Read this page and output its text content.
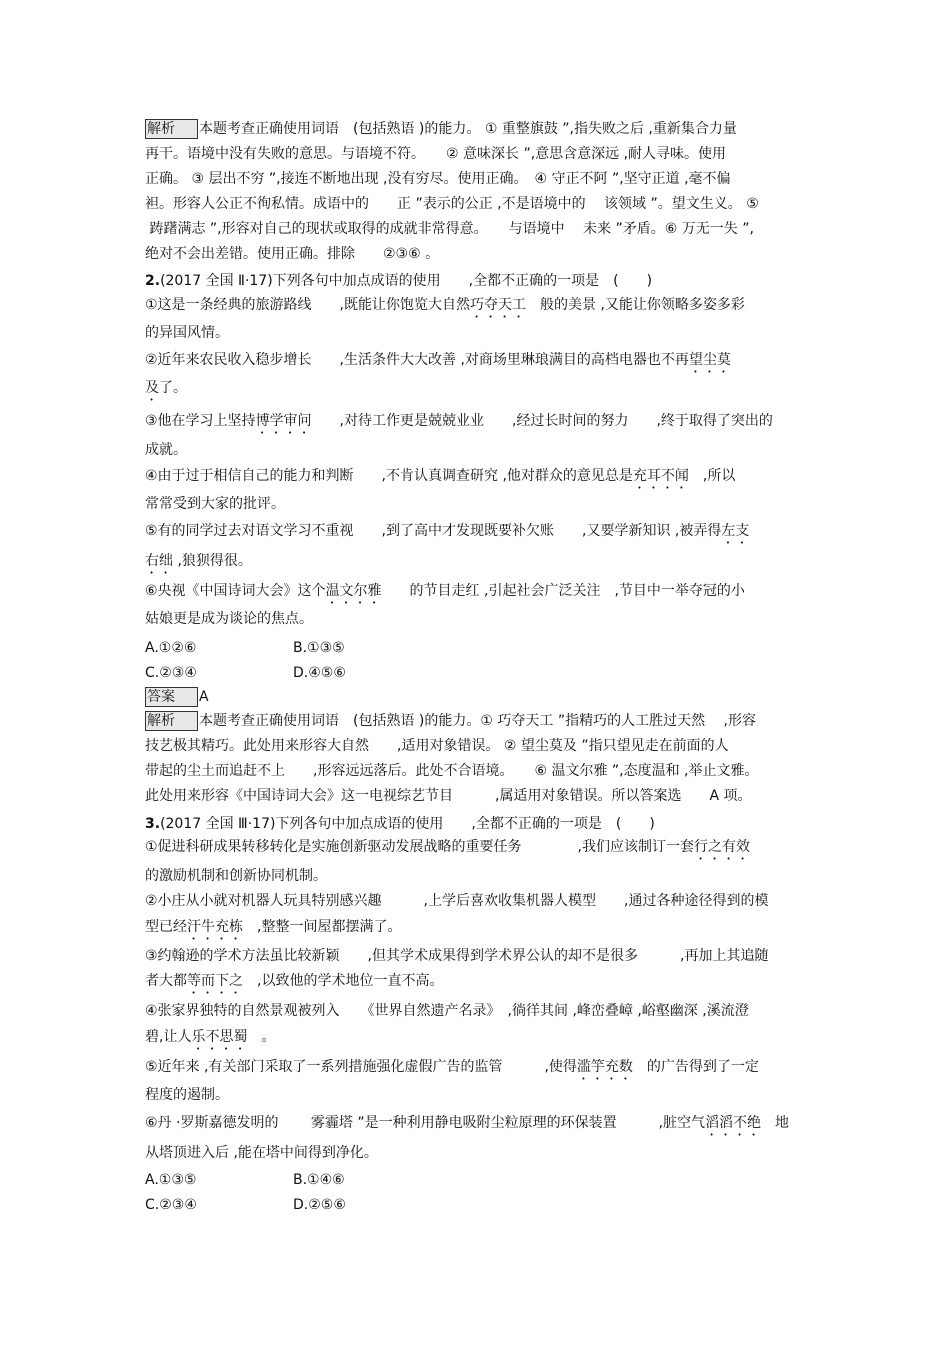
解析 本题考查正确使用词语　(包括熟语 )的能力。 ① 重整旗鼓 ”,指失败之后 ,重新集合力量
再干。语境中没有失败的意思。与语境不符。　　② 意味深长 ”,意思含意深远 ,耐人寻味。使用
正确。 ③ 层出不穷 ”,接连不断地出现 ,没有穷尽。使用正确。　④ 守正不阿 ”,坚守正道 ,毫不偏
袒。形容人公正不徇私情。成语中的　　正 ”表示的公正 ,不是语境中的　 该领域 ”。望文生义。 ⑤
踌躇满志 ”,形容对自己的现状或取得的成就非常得意。　　与语境中 　未来 ”矛盾。⑥ 万无一失 ”,
绝对不会出差错。使用正确。排除　　②③⑥ 。
2.(2017 全国 Ⅱ·17)下列各句中加点成语的使用　　,全都不正确的一项是　(　　)
①这是一条经典的旅游路线　　,既能让你饱览大自然巧夺天工　般的美景 ,又能让你领略多姿多彩
的异国风情。
②近年来农民收入稳步增长　　,生活条件大大改善 ,对商场里琳琅满目的高档电器也不再望尘莫
及了。
③他在学习上坚持博学审问　　,对待工作更是兢兢业业　　,经过长时间的努力　　,终于取得了突出的
成就。
④由于过于相信自己的能力和判断　　,不肯认真调查研究 ,他对群众的意见总是充耳不闻　,所以
常常受到大家的批评。
⑤有的同学过去对语文学习不重视　　,到了高中才发现既要补欠账　　,又要学新知识 ,被弄得左支
右绌 ,狼狈得很。
⑥央视《中国诗词大会》这个温文尔雅　　的节目走红 ,引起社会广泛关注　,节目中一举夺冠的小
姑娘更是成为谈论的焦点。
A.①②⑥	B.①③⑤
C.②③④	D.④⑤⑥
答案 A
解析 本题考查正确使用词语　(包括熟语 )的能力。① 巧夺天工 ”指精巧的人工胜过天然　 ,形容
技艺极其精巧。此处用来形容大自然　　,适用对象错误。 ② 望尘莫及 ”指只望见走在前面的人
带起的尘土而追赶不上　　,形容远远落后。此处不合语境。　　⑥ 温文尔雅 ”,态度温和 ,举止文雅。
此处用来形容《中国诗词大会》这一电视综艺节目　　　,属适用对象错误。所以答案选　　A 项。
3.(2017 全国 Ⅲ·17)下列各句中加点成语的使用　　,全都不正确的一项是　(　　)
①促进科研成果转移转化是实施创新驱动发展战略的重要任务　　　　,我们应该制订一套行之有效
的激励机制和创新协同机制。
②小庄从小就对机器人玩具特别感兴趣　　　,上学后喜欢收集机器人模型　　,通过各种途径得到的模
型已经汗牛充栋　,整整一间屋都摆满了。
③约翰逊的学术方法虽比较新颖　　,但其学术成果得到学术界公认的却不是很多　　　,再加上其追随
者大都等而下之　,以致他的学术地位一直不高。
④张家界独特的自然景观被列入　　《世界自然遗产名录》　,徜徉其间 ,峰峦叠嶂 ,峪壑幽深 ,溪流澄
碧,让人乐不思蜀　。
⑤近年来 ,有关部门采取了一系列措施强化虚假广告的监管　　　,使得滥竽充数　的广告得到了一定
程度的遏制。
⑥丹 ·罗斯嘉德发明的　　 雾霾塔 ”是一种利用静电吸附尘粒原理的环保装置　　　,脏空气滔滔不绝　地
从塔顶进入后 ,能在塔中间得到净化。
A.①③⑤	B.①④⑥
C.②③④	D.②⑤⑥
